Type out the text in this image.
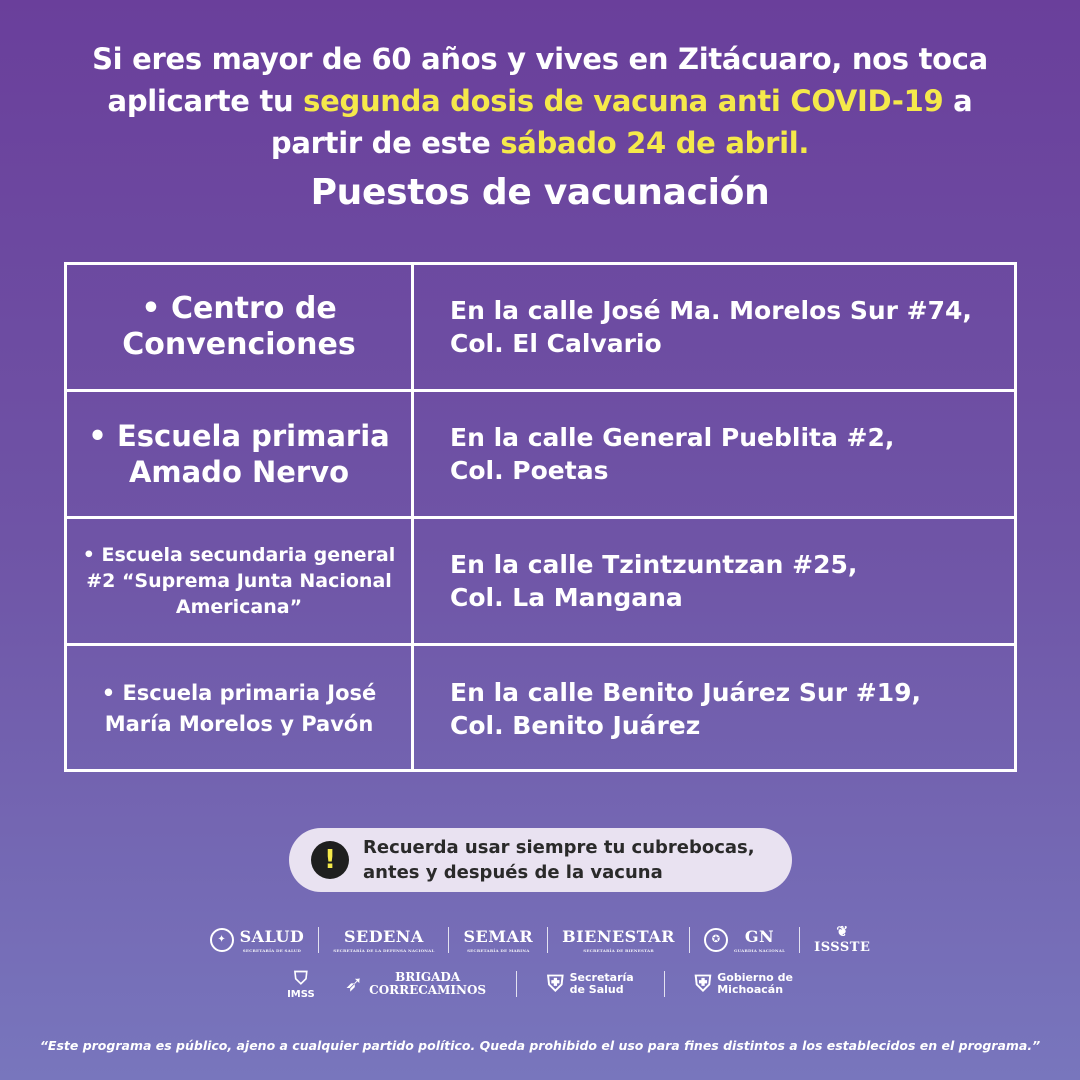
Si eres mayor de 60 años y vives en Zitácuaro, nos toca aplicarte tu segunda dosis de vacuna anti COVID-19 a partir de este sábado 24 de abril.
Puestos de vacunación
• Centro de Convenciones
En la calle José Ma. Morelos Sur #74,
Col. El Calvario
• Escuela primaria Amado Nervo
En la calle General Pueblita #2,
Col. Poetas
• Escuela secundaria general #2 “Suprema Junta Nacional Americana”
En la calle Tzintzuntzan #25,
Col. La Mangana
• Escuela primaria José María Morelos y Pavón
En la calle Benito Juárez Sur #19,
Col. Benito Juárez
!	Recuerda usar siempre tu cubrebocas,
antes y después de la vacuna
✦ SALUD
SECRETARÍA DE SALUD
SEDENA
SECRETARÍA DE LA DEFENSA NACIONAL
SEMAR
SECRETARÍA DE MARINA
BIENESTAR
SECRETARÍA DE BIENESTAR
✪	GN
GUARDIA NACIONAL
❦
ISSSTE
⛉
IMSS ➶	BRIGADA
CORRECAMINOS	⛨ Secretaría
de Salud	⛨ Gobierno de
Michoacán
“Este programa es público, ajeno a cualquier partido político. Queda prohibido el uso para fines distintos a los establecidos en el programa.”
